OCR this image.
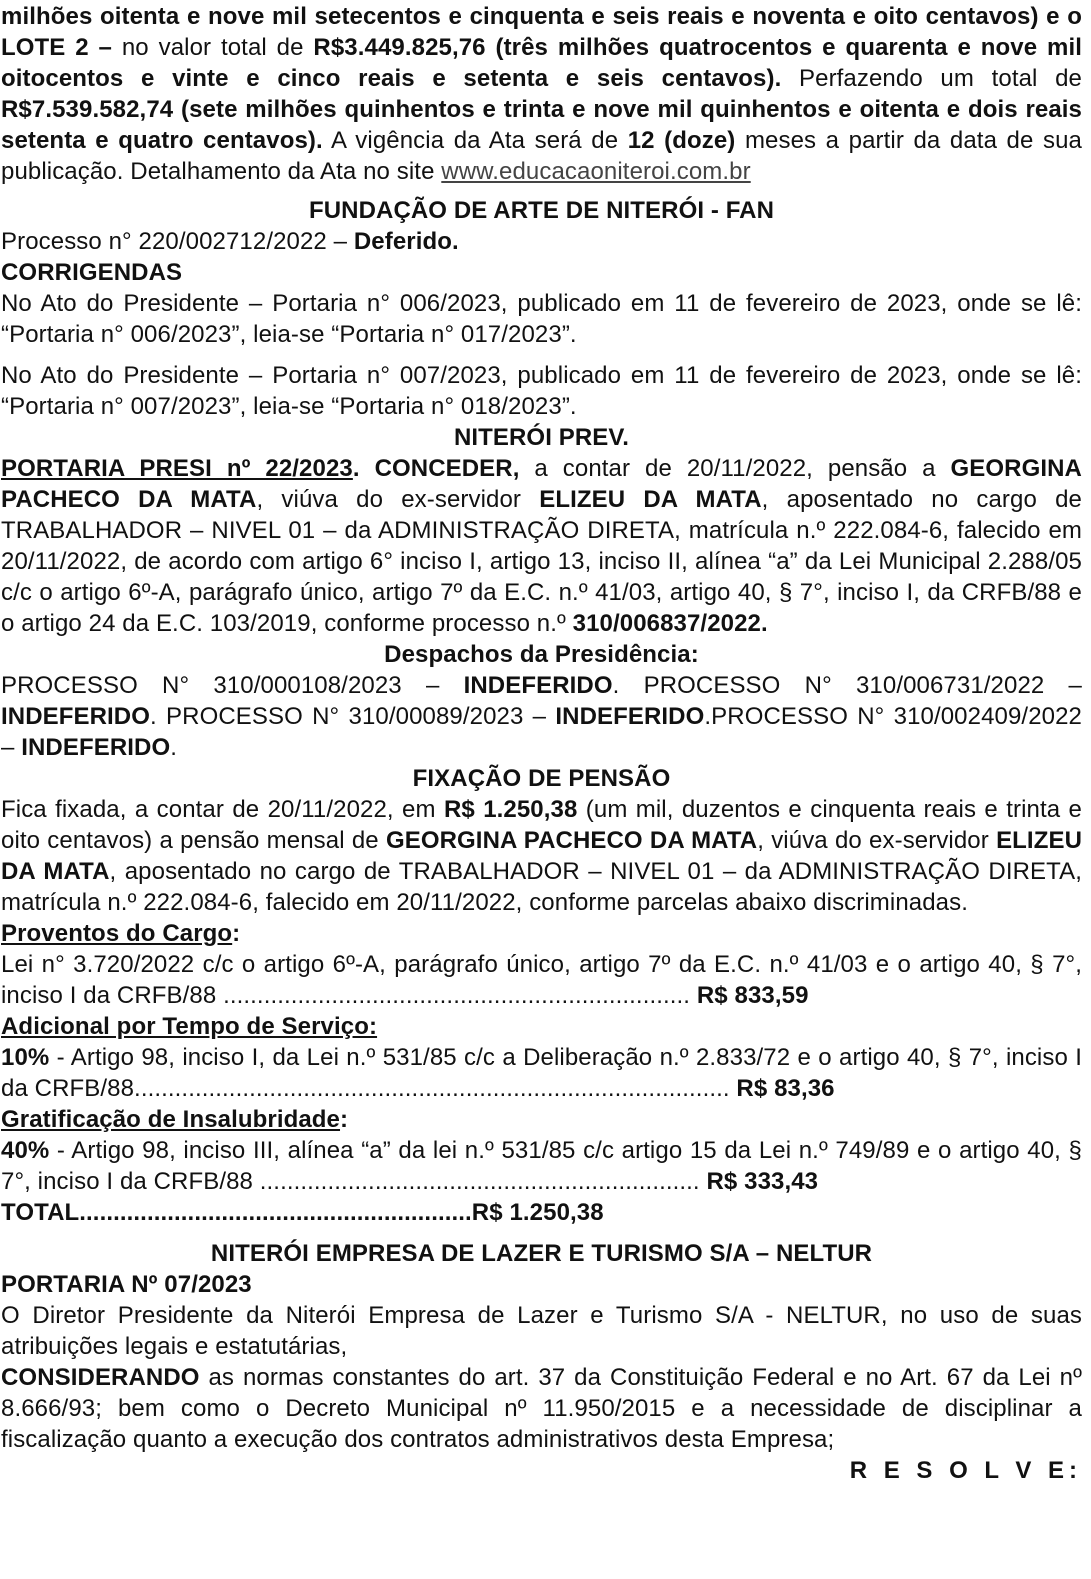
milhões oitenta e nove mil setecentos e cinquenta e seis reais e noventa e oito centavos) e o LOTE 2 – no valor total de R$3.449.825,76 (três milhões quatrocentos e quarenta e nove mil oitocentos e vinte e cinco reais e setenta e seis centavos). Perfazendo um total de R$7.539.582,74 (sete milhões quinhentos e trinta e nove mil quinhentos e oitenta e dois reais setenta e quatro centavos). A vigência da Ata será de 12 (doze) meses a partir da data de sua publicação. Detalhamento da Ata no site www.educacaoniteroi.com.br

FUNDAÇÃO DE ARTE DE NITERÓI - FAN

Processo n° 220/002712/2022 – Deferido.

CORRIGENDAS

No Ato do Presidente – Portaria n° 006/2023, publicado em 11 de fevereiro de 2023, onde se lê: “Portaria n° 006/2023”, leia-se “Portaria n° 017/2023”.

No Ato do Presidente – Portaria n° 007/2023, publicado em 11 de fevereiro de 2023, onde se lê: “Portaria n° 007/2023”, leia-se “Portaria n° 018/2023”.

NITERÓI PREV.

PORTARIA PRESI nº 22/2023. CONCEDER, a contar de 20/11/2022, pensão a GEORGINA PACHECO DA MATA, viúva do ex-servidor ELIZEU DA MATA, aposentado no cargo de TRABALHADOR – NIVEL 01 – da ADMINISTRAÇÃO DIRETA, matrícula n.º 222.084-6, falecido em 20/11/2022, de acordo com artigo 6° inciso I, artigo 13, inciso II, alínea “a” da Lei Municipal 2.288/05 c/c o artigo 6º-A, parágrafo único, artigo 7º da E.C. n.º 41/03, artigo 40, § 7°, inciso I, da CRFB/88 e o artigo 24 da E.C. 103/2019, conforme processo n.º 310/006837/2022.

Despachos da Presidência:

PROCESSO N° 310/000108/2023 – INDEFERIDO. PROCESSO N° 310/006731/2022 – INDEFERIDO. PROCESSO N° 310/00089/2023 – INDEFERIDO.PROCESSO N° 310/002409/2022 – INDEFERIDO.

FIXAÇÃO DE PENSÃO

Fica fixada, a contar de 20/11/2022, em R$ 1.250,38 (um mil, duzentos e cinquenta reais e trinta e oito centavos) a pensão mensal de GEORGINA PACHECO DA MATA, viúva do ex-servidor ELIZEU DA MATA, aposentado no cargo de TRABALHADOR – NIVEL 01 – da ADMINISTRAÇÃO DIRETA, matrícula n.º 222.084-6, falecido em 20/11/2022, conforme parcelas abaixo discriminadas.

Proventos do Cargo:

Lei n° 3.720/2022 c/c o artigo 6º-A, parágrafo único, artigo 7º da E.C. n.º 41/03 e o artigo 40, § 7°, inciso I da CRFB/88 ..................................................................... R$ 833,59

Adicional por Tempo de Serviço:

10% - Artigo 98, inciso I, da Lei n.º 531/85 c/c a Deliberação n.º 2.833/72 e o artigo 40, § 7°, inciso I da CRFB/88........................................................................................ R$ 83,36

Gratificação de Insalubridade:

40% - Artigo 98, inciso III, alínea “a” da lei n.º 531/85 c/c artigo 15 da Lei n.º 749/89 e o artigo 40, § 7°, inciso I da CRFB/88 ................................................................. R$ 333,43

TOTAL..........................................................R$ 1.250,38

NITERÓI EMPRESA DE LAZER E TURISMO S/A – NELTUR

PORTARIA Nº 07/2023

O Diretor Presidente da Niterói Empresa de Lazer e Turismo S/A - NELTUR, no uso de suas atribuições legais e estatutárias,

CONSIDERANDO as normas constantes do art. 37 da Constituição Federal e no Art. 67 da Lei nº 8.666/93; bem como o Decreto Municipal nº 11.950/2015 e a necessidade de disciplinar a fiscalização quanto a execução dos contratos administrativos desta Empresa;

R E S O L V E:
